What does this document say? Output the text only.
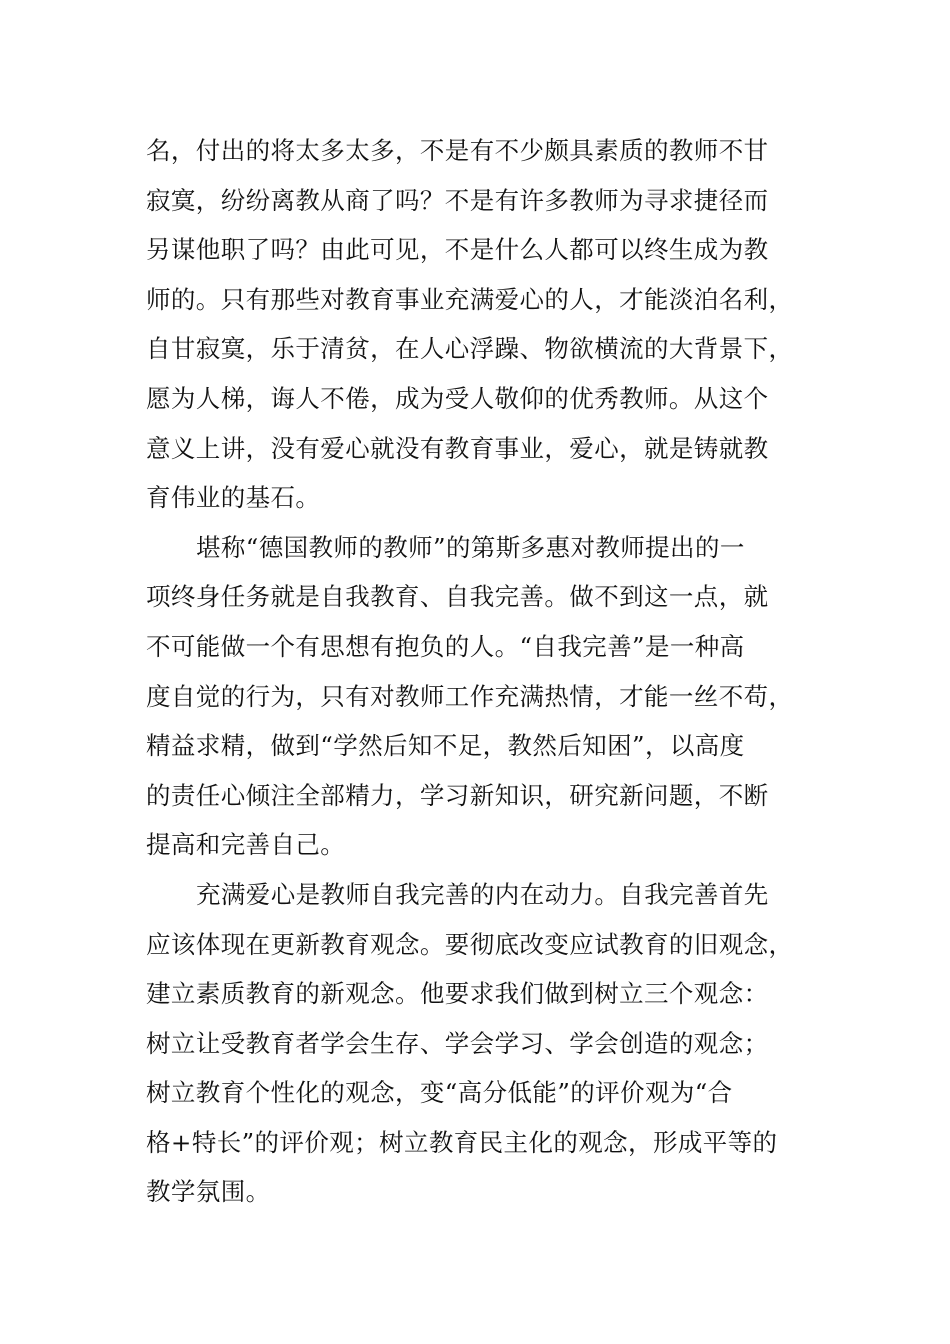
名，付出的将太多太多，不是有不少颇具素质的教师不甘
寂寞，纷纷离教从商了吗？不是有许多教师为寻求捷径而
另谋他职了吗？由此可见，不是什么人都可以终生成为教
师的。只有那些对教育事业充满爱心的人，才能淡泊名利，
自甘寂寞，乐于清贫，在人心浮躁、物欲横流的大背景下，
愿为人梯，诲人不倦，成为受人敬仰的优秀教师。从这个
意义上讲，没有爱心就没有教育事业，爱心，就是铸就教
育伟业的基石。
堪称“德国教师的教师”的第斯多惠对教师提出的一
项终身任务就是自我教育、自我完善。做不到这一点，就
不可能做一个有思想有抱负的人。“自我完善”是一种高
度自觉的行为，只有对教师工作充满热情，才能一丝不苟，
精益求精，做到“学然后知不足，教然后知困”，以高度
的责任心倾注全部精力，学习新知识，研究新问题，不断
提高和完善自己。
充满爱心是教师自我完善的内在动力。自我完善首先
应该体现在更新教育观念。要彻底改变应试教育的旧观念，
建立素质教育的新观念。他要求我们做到树立三个观念：
树立让受教育者学会生存、学会学习、学会创造的观念；
树立教育个性化的观念，变“高分低能”的评价观为“合
格+特长”的评价观；树立教育民主化的观念，形成平等的
教学氛围。
